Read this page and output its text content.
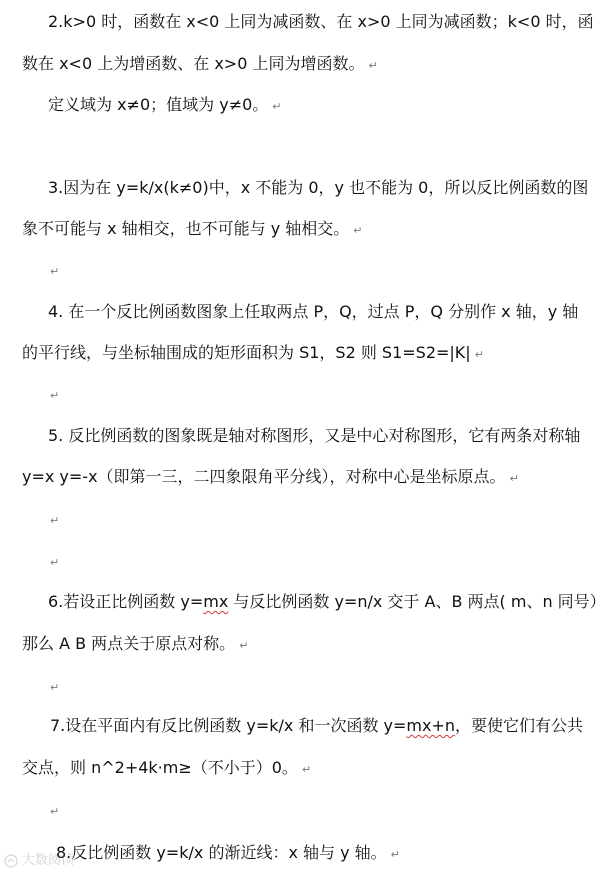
2.k>0 时，函数在 x<0 上同为减函数、在 x>0 上同为减函数；k<0 时，函
数在 x<0 上为增函数、在 x>0 上同为增函数。 ↵
定义域为 x≠0；值域为 y≠0。 ↵
3.因为在 y=k/x(k≠0)中，x 不能为 0，y 也不能为 0，所以反比例函数的图
象不可能与 x 轴相交，也不可能与 y 轴相交。 ↵
↵
4. 在一个反比例函数图象上任取两点 P，Q，过点 P，Q 分别作 x 轴，y 轴
的平行线，与坐标轴围成的矩形面积为 S1，S2 则 S1=S2=|K| ↵
↵
5. 反比例函数的图象既是轴对称图形，又是中心对称图形，它有两条对称轴
y=x y=-x（即第一三，二四象限角平分线），对称中心是坐标原点。 ↵
↵
↵
6.若设正比例函数 y=mx 与反比例函数 y=n/x 交于 A、B 两点( m、n 同号）
那么 A B 两点关于原点对称。 ↵
↵
7.设在平面内有反比例函数 y=k/x 和一次函数 y=mx+n，要使它们有公共
交点，则 n^2+4k·m≥（不小于）0。 ↵
↵
8.反比例函数 y=k/x 的渐近线：x 轴与 y 轴。 ↵
大数阅读
